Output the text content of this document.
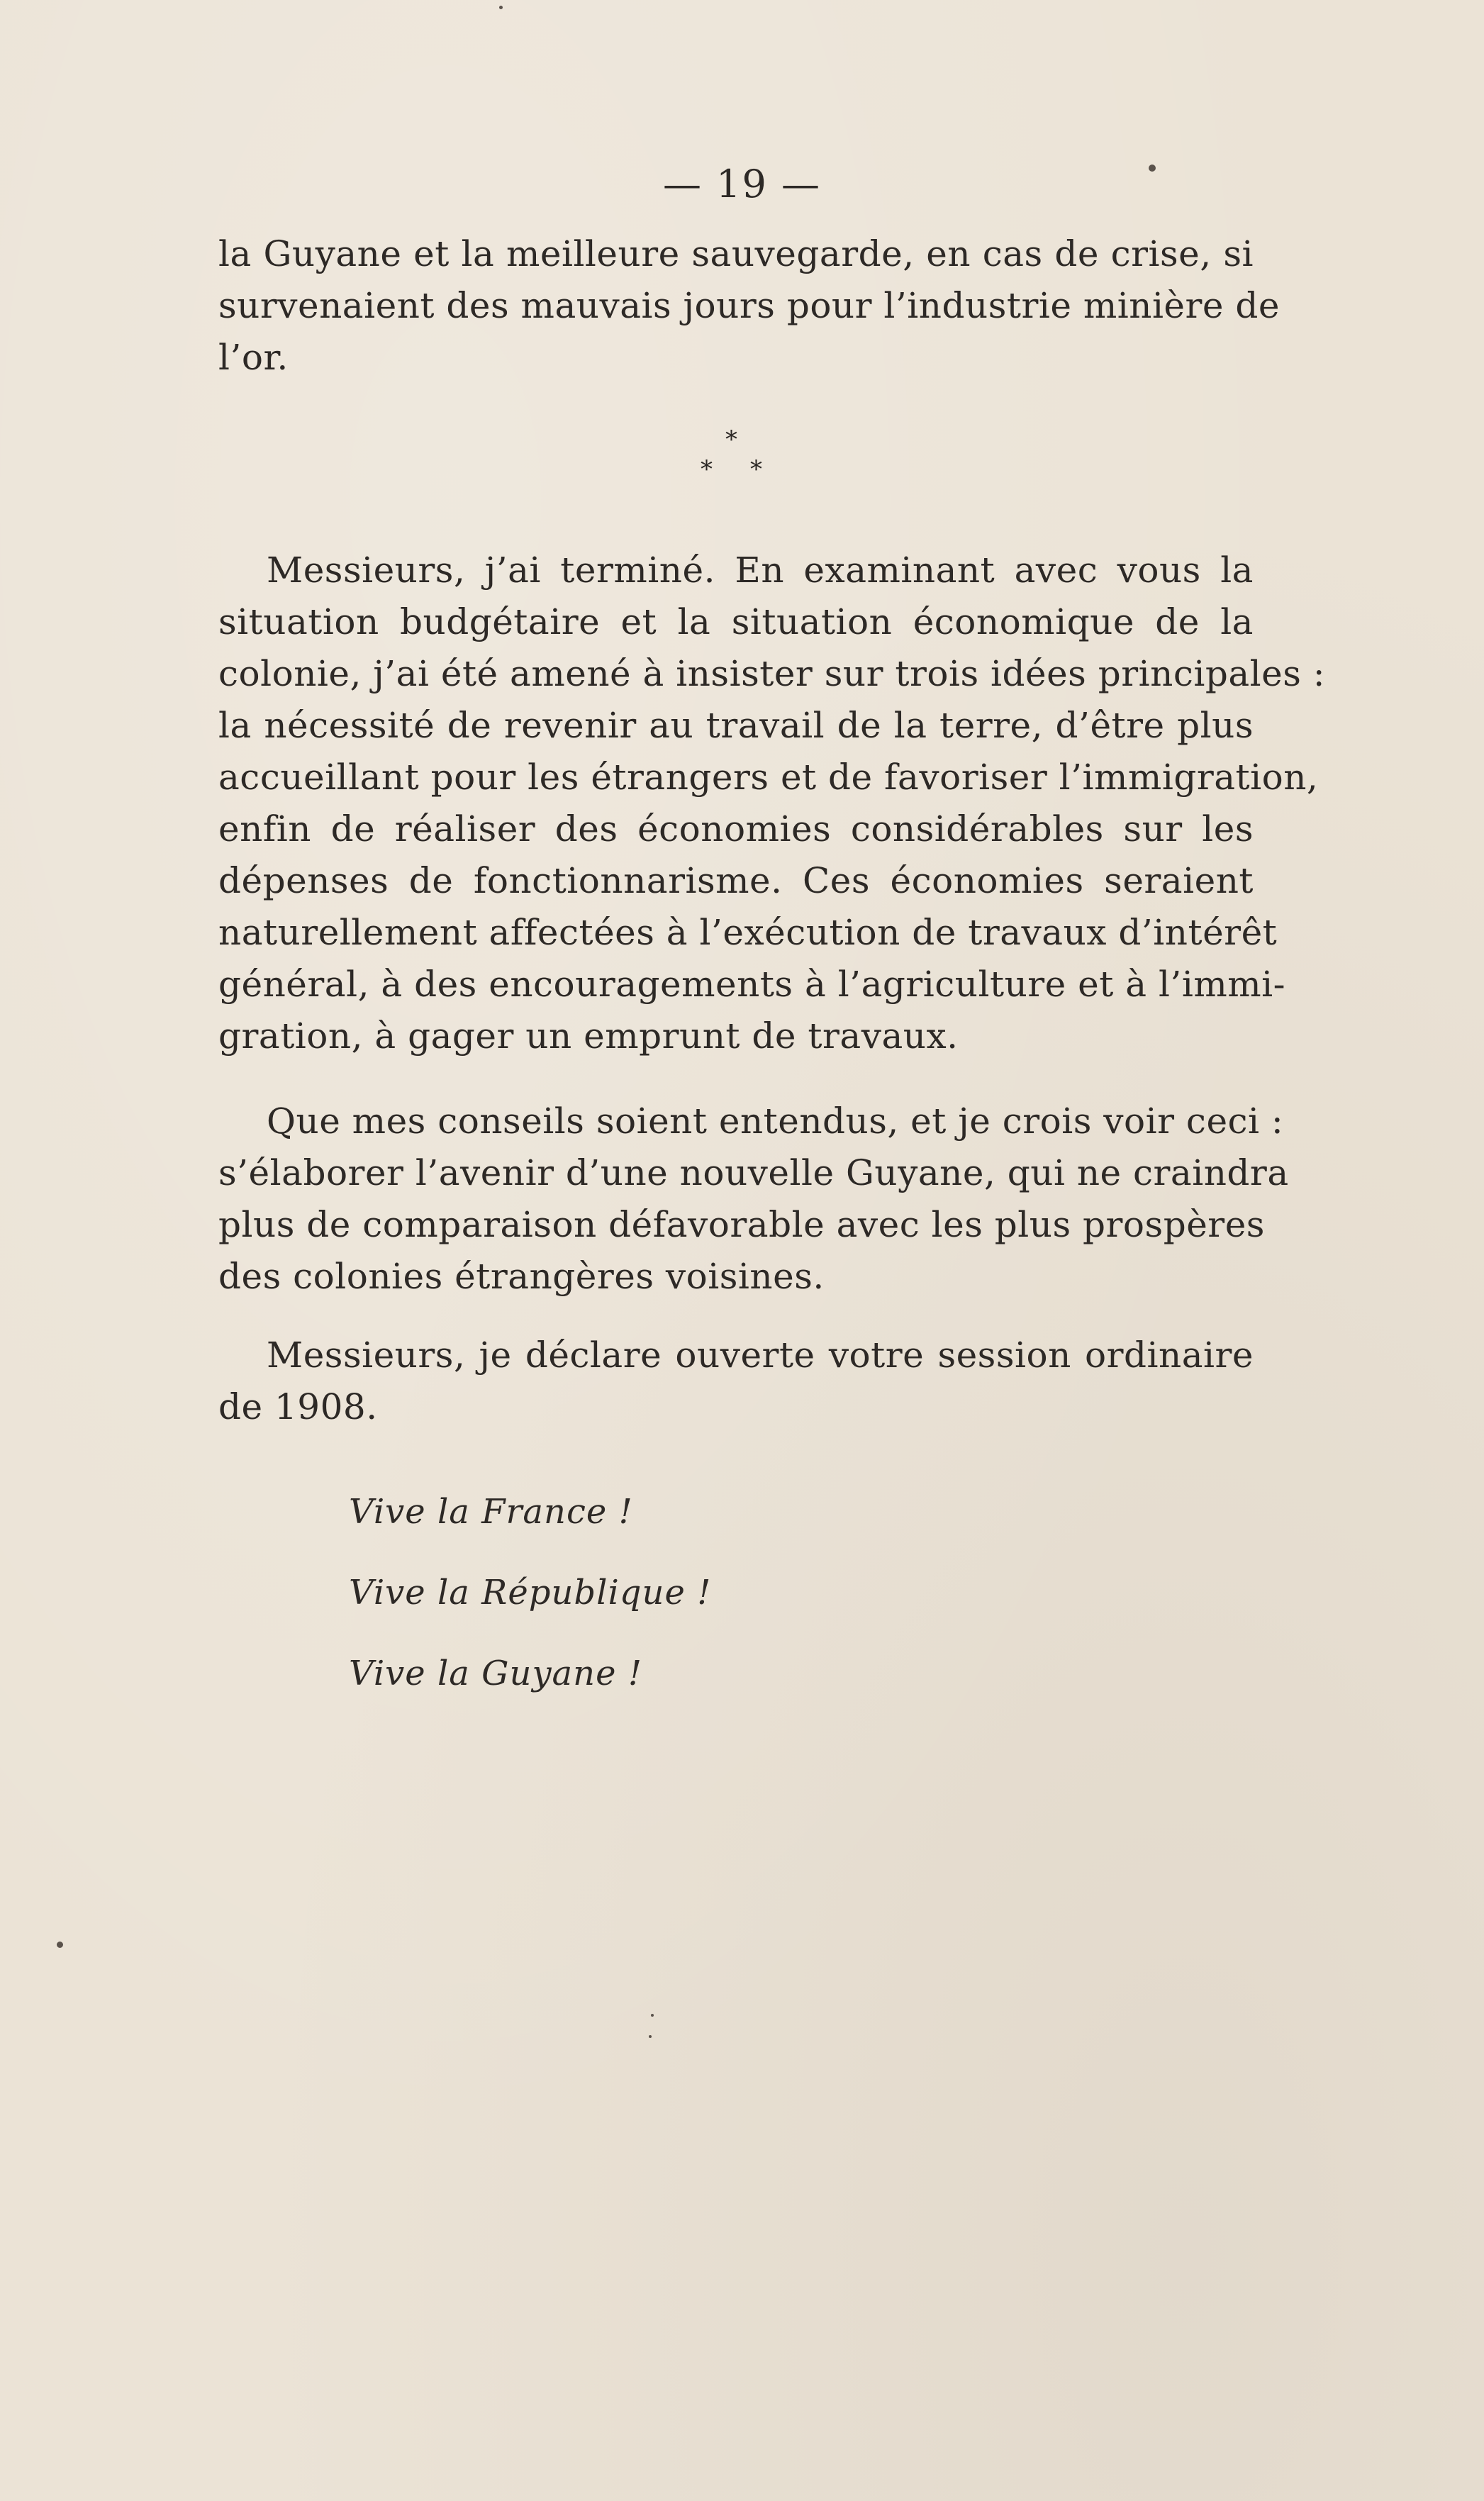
— 19 —
la Guyane et la meilleure sauvegarde, en cas de crise, si
survenaient des mauvais jours pour l’industrie minière de
l’or.
*
* *
Messieurs, j’ai terminé. En examinant avec vous la
situation budgétaire et la situation économique de la
colonie, j’ai été amené à insister sur trois idées principales :
la nécessité de revenir au travail de la terre, d’être plus
accueillant pour les étrangers et de favoriser l’immigration,
enfin de réaliser des économies considérables sur les
dépenses de fonctionnarisme. Ces économies seraient
naturellement affectées à l’exécution de travaux d’intérêt
général, à des encouragements à l’agriculture et à l’immi-
gration, à gager un emprunt de travaux.
Que mes conseils soient entendus, et je crois voir ceci :
s’élaborer l’avenir d’une nouvelle Guyane, qui ne craindra
plus de comparaison défavorable avec les plus prospères
des colonies étrangères voisines.
Messieurs, je déclare ouverte votre session ordinaire
de 1908.
Vive la France !
Vive la République !
Vive la Guyane !
